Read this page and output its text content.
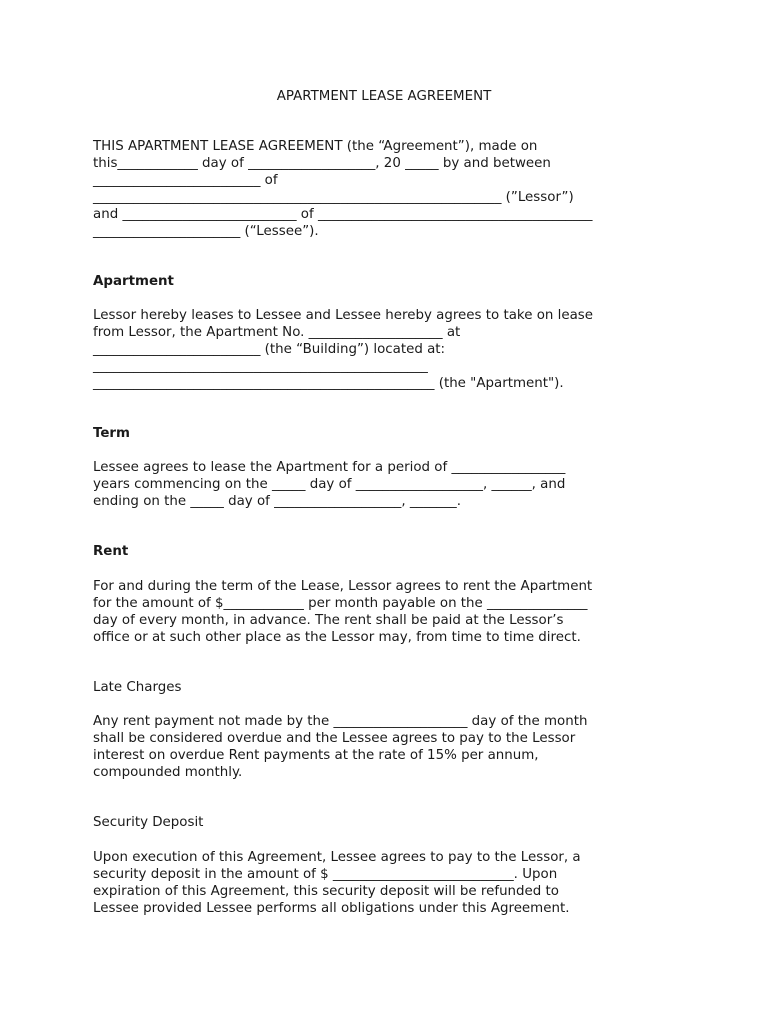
APARTMENT LEASE AGREEMENT
THIS APARTMENT LEASE AGREEMENT (the “Agreement”), made on
this____________ day of ___________________, 20 _____ by and between
_________________________ of
_____________________________________________________________ (”Lessor”)
and __________________________ of _________________________________________
______________________ (“Lessee”).
Apartment
Lessor hereby leases to Lessee and Lessee hereby agrees to take on lease
from Lessor, the Apartment No. ____________________ at
_________________________ (the “Building”) located at:
__________________________________________________
___________________________________________________ (the "Apartment").
Term
Lessee agrees to lease the Apartment for a period of _________________
years commencing on the _____ day of ___________________, ______, and
ending on the _____ day of ___________________, _______.
Rent
For and during the term of the Lease, Lessor agrees to rent the Apartment
for the amount of $____________ per month payable on the _______________
day of every month, in advance. The rent shall be paid at the Lessor’s
office or at such other place as the Lessor may, from time to time direct.
Late Charges
Any rent payment not made by the ____________________ day of the month
shall be considered overdue and the Lessee agrees to pay to the Lessor
interest on overdue Rent payments at the rate of 15% per annum,
compounded monthly.
Security Deposit
Upon execution of this Agreement, Lessee agrees to pay to the Lessor, a
security deposit in the amount of $ ___________________________. Upon
expiration of this Agreement, this security deposit will be refunded to
Lessee provided Lessee performs all obligations under this Agreement.
